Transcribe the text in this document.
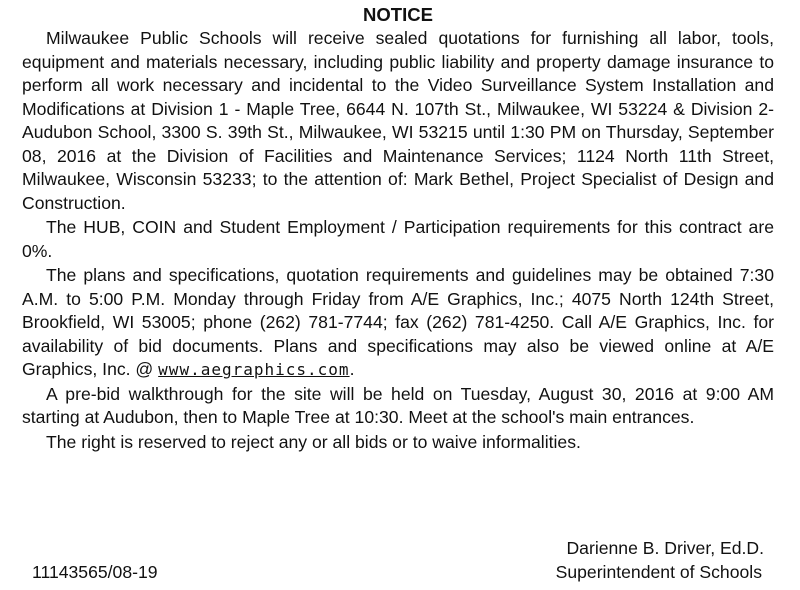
NOTICE

Milwaukee Public Schools will receive sealed quotations for furnishing all labor, tools, equipment and materials necessary, including public liability and property damage insurance to perform all work necessary and incidental to the Video Surveillance System Installation and Modifications at Division 1 - Maple Tree, 6644 N. 107th St., Milwaukee, WI 53224 & Division 2- Audubon School, 3300 S. 39th St., Milwaukee, WI 53215 until 1:30 PM on Thursday, September 08, 2016 at the Division of Facilities and Maintenance Services; 1124 North 11th Street, Milwaukee, Wisconsin 53233; to the attention of: Mark Bethel, Project Specialist of Design and Construction.

The HUB, COIN and Student Employment / Participation requirements for this contract are 0%.

The plans and specifications, quotation requirements and guidelines may be obtained 7:30 A.M. to 5:00 P.M. Monday through Friday from A/E Graphics, Inc.; 4075 North 124th Street, Brookfield, WI 53005; phone (262) 781-7744; fax (262) 781-4250. Call A/E Graphics, Inc. for availability of bid documents. Plans and specifications may also be viewed online at A/E Graphics, Inc. @ www.aegraphics.com.

A pre-bid walkthrough for the site will be held on Tuesday, August 30, 2016 at 9:00 AM starting at Audubon, then to Maple Tree at 10:30. Meet at the school's main entrances.

The right is reserved to reject any or all bids or to waive informalities.

Darienne B. Driver, Ed.D.
11143565/08-19	Superintendent of Schools
